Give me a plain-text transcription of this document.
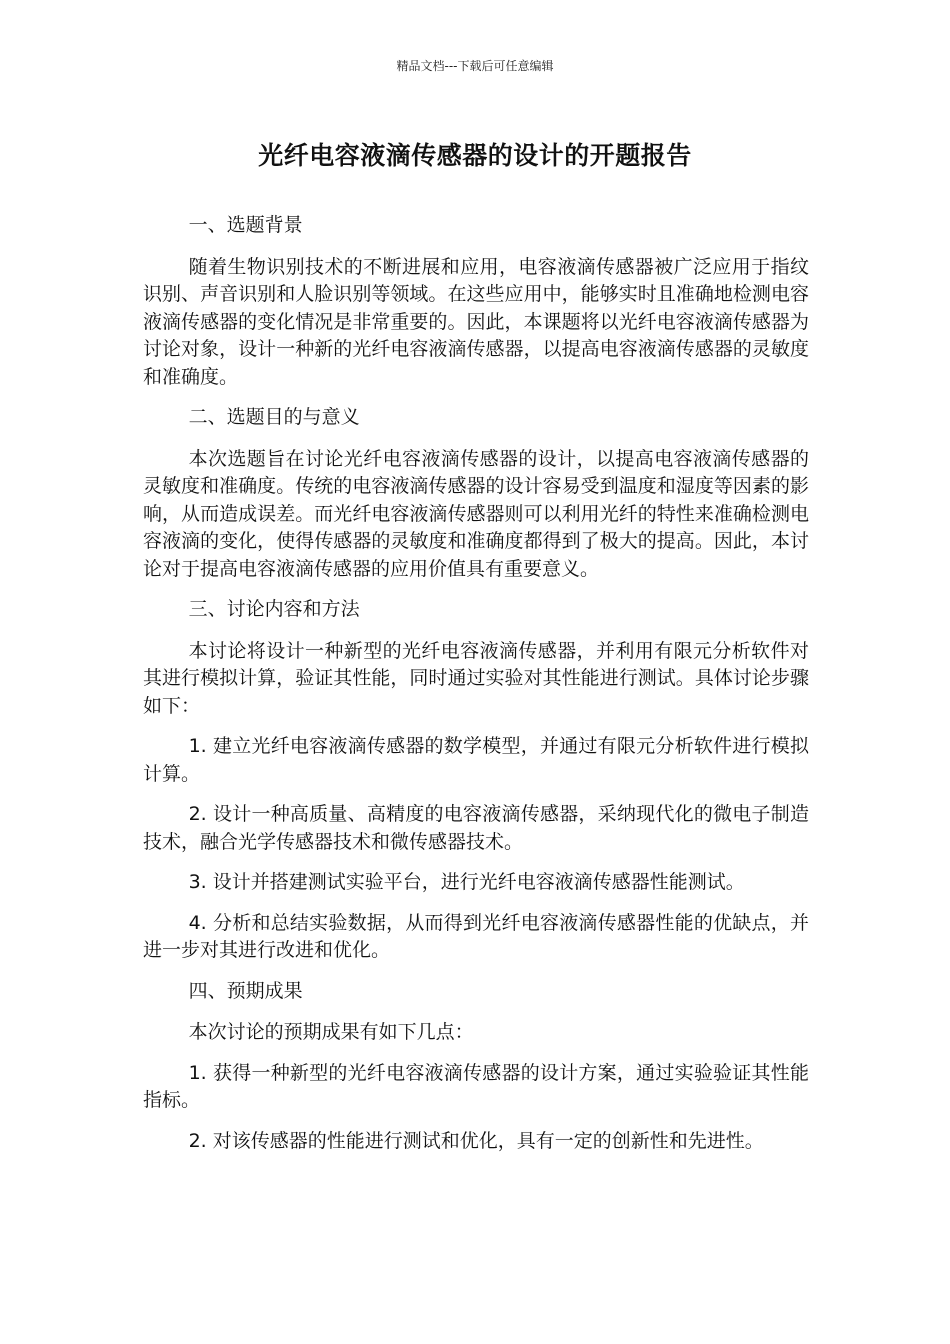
精品文档---下载后可任意编辑
光纤电容液滴传感器的设计的开题报告

一、选题背景

随着生物识别技术的不断进展和应用，电容液滴传感器被广泛应用于指纹识别、声音识别和人脸识别等领域。在这些应用中，能够实时且准确地检测电容液滴传感器的变化情况是非常重要的。因此，本课题将以光纤电容液滴传感器为讨论对象，设计一种新的光纤电容液滴传感器，以提高电容液滴传感器的灵敏度和准确度。

二、选题目的与意义

本次选题旨在讨论光纤电容液滴传感器的设计，以提高电容液滴传感器的灵敏度和准确度。传统的电容液滴传感器的设计容易受到温度和湿度等因素的影响，从而造成误差。而光纤电容液滴传感器则可以利用光纤的特性来准确检测电容液滴的变化，使得传感器的灵敏度和准确度都得到了极大的提高。因此，本讨论对于提高电容液滴传感器的应用价值具有重要意义。

三、讨论内容和方法

本讨论将设计一种新型的光纤电容液滴传感器，并利用有限元分析软件对其进行模拟计算，验证其性能，同时通过实验对其性能进行测试。具体讨论步骤如下：

1. 建立光纤电容液滴传感器的数学模型，并通过有限元分析软件进行模拟计算。

2. 设计一种高质量、高精度的电容液滴传感器，采纳现代化的微电子制造技术，融合光学传感器技术和微传感器技术。

3. 设计并搭建测试实验平台，进行光纤电容液滴传感器性能测试。

4. 分析和总结实验数据，从而得到光纤电容液滴传感器性能的优缺点，并进一步对其进行改进和优化。

四、预期成果

本次讨论的预期成果有如下几点：

1. 获得一种新型的光纤电容液滴传感器的设计方案，通过实验验证其性能指标。

2. 对该传感器的性能进行测试和优化，具有一定的创新性和先进性。
